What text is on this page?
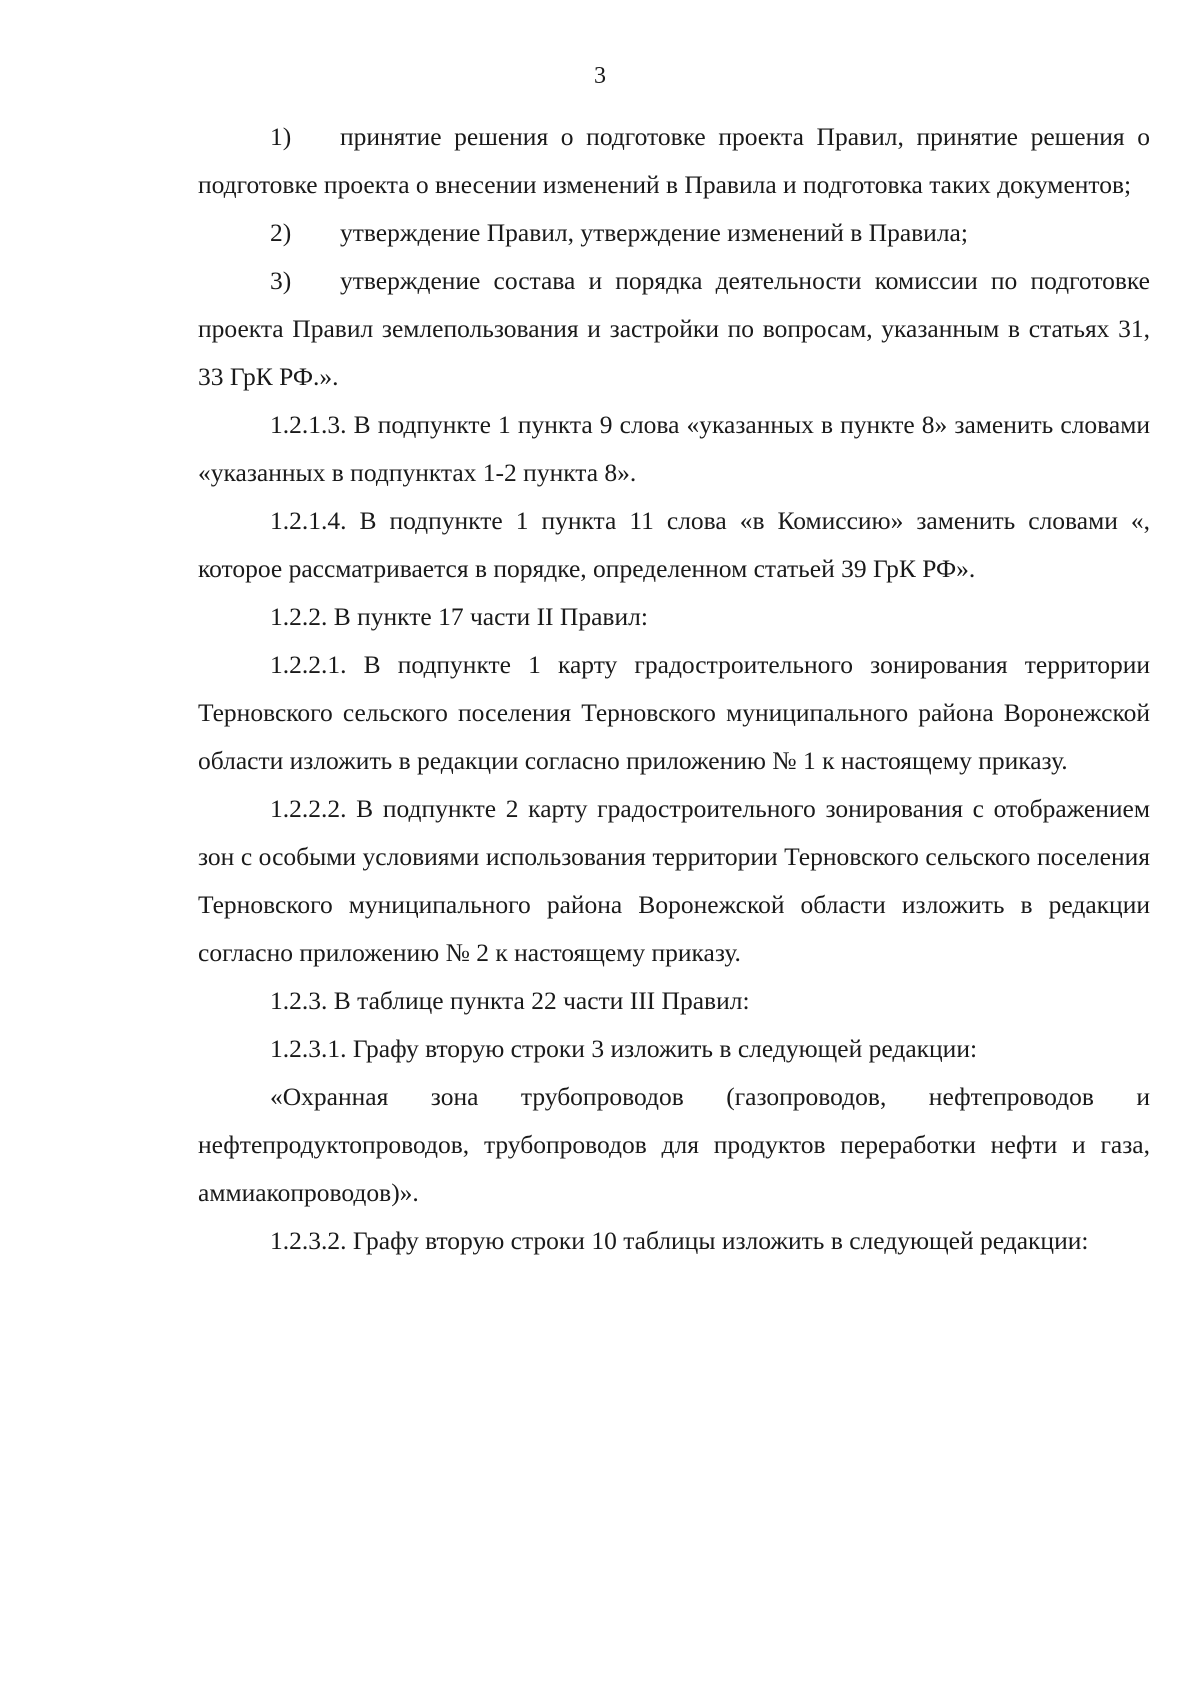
3

1) принятие решения о подготовке проекта Правил, принятие решения о подготовке проекта о внесении изменений в Правила и подготовка таких документов;

2) утверждение Правил, утверждение изменений в Правила;

3) утверждение состава и порядка деятельности комиссии по подготовке проекта Правил землепользования и застройки по вопросам, указанным в статьях 31, 33 ГрК РФ.».

1.2.1.3. В подпункте 1 пункта 9 слова «указанных в пункте 8» заменить словами «указанных в подпунктах 1-2 пункта 8».

1.2.1.4. В подпункте 1 пункта 11 слова «в Комиссию» заменить словами «, которое рассматривается в порядке, определенном статьей 39 ГрК РФ».

1.2.2. В пункте 17 части II Правил:

1.2.2.1. В подпункте 1 карту градостроительного зонирования территории Терновского сельского поселения Терновского муниципального района Воронежской области изложить в редакции согласно приложению № 1 к настоящему приказу.

1.2.2.2. В подпункте 2 карту градостроительного зонирования с отображением зон с особыми условиями использования территории Терновского сельского поселения Терновского муниципального района Воронежской области изложить в редакции согласно приложению № 2 к настоящему приказу.

1.2.3. В таблице пункта 22 части III Правил:

1.2.3.1. Графу вторую строки 3 изложить в следующей редакции:

«Охранная зона трубопроводов (газопроводов, нефтепроводов и нефтепродуктопроводов, трубопроводов для продуктов переработки нефти и газа, аммиакопроводов)».

1.2.3.2. Графу вторую строки 10 таблицы изложить в следующей редакции:
